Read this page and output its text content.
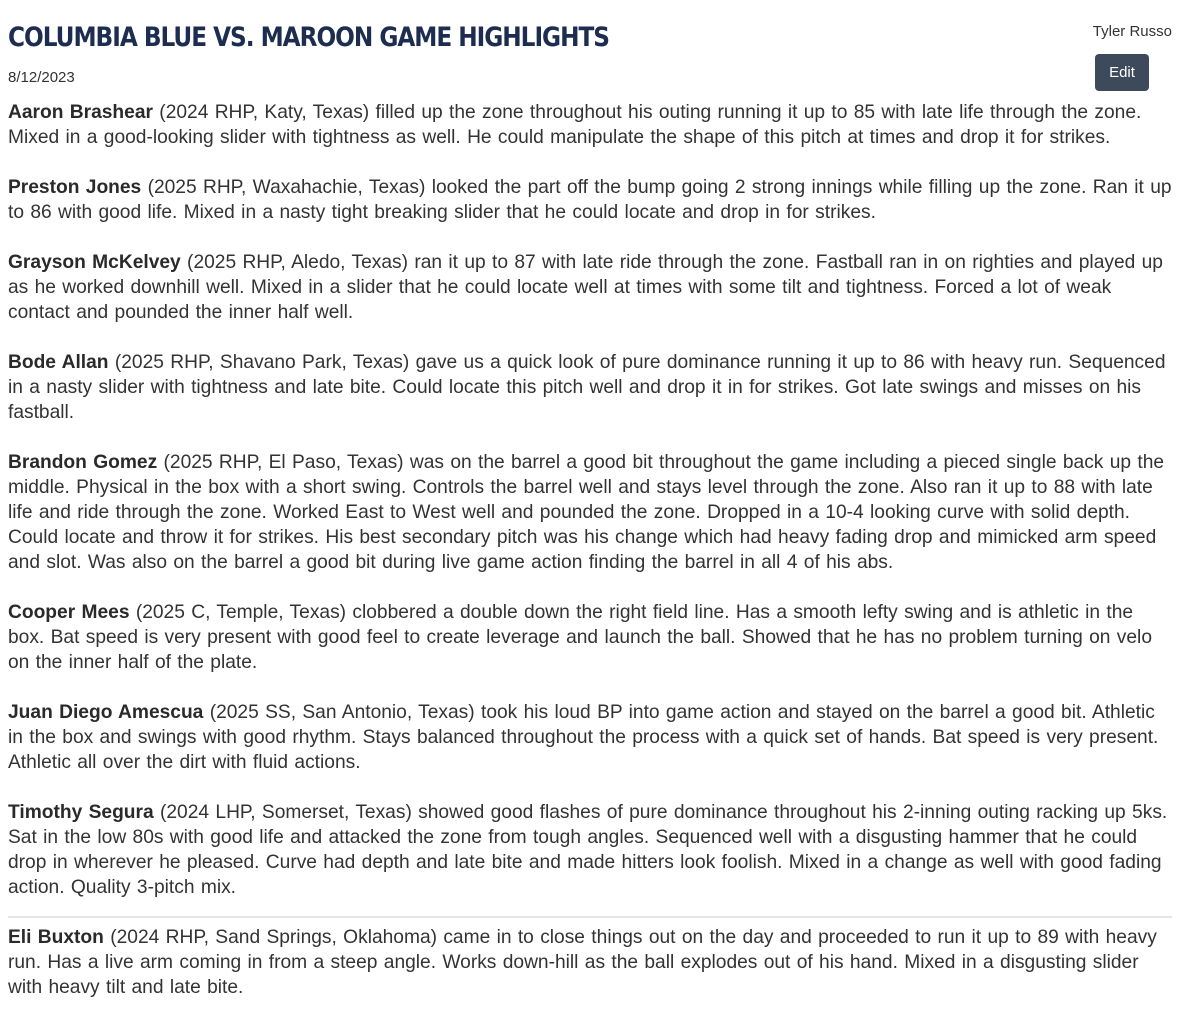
COLUMBIA BLUE VS. MAROON GAME HIGHLIGHTS
8/12/2023
Tyler Russo
Edit

Aaron Brashear (2024 RHP, Katy, Texas) filled up the zone throughout his outing running it up to 85 with late life through the zone. Mixed in a good-looking slider with tightness as well. He could manipulate the shape of this pitch at times and drop it for strikes.

Preston Jones (2025 RHP, Waxahachie, Texas) looked the part off the bump going 2 strong innings while filling up the zone. Ran it up to 86 with good life. Mixed in a nasty tight breaking slider that he could locate and drop in for strikes.

Grayson McKelvey (2025 RHP, Aledo, Texas) ran it up to 87 with late ride through the zone. Fastball ran in on righties and played up as he worked downhill well. Mixed in a slider that he could locate well at times with some tilt and tightness. Forced a lot of weak contact and pounded the inner half well.

Bode Allan (2025 RHP, Shavano Park, Texas) gave us a quick look of pure dominance running it up to 86 with heavy run. Sequenced in a nasty slider with tightness and late bite. Could locate this pitch well and drop it in for strikes. Got late swings and misses on his fastball.

Brandon Gomez (2025 RHP, El Paso, Texas) was on the barrel a good bit throughout the game including a pieced single back up the middle. Physical in the box with a short swing. Controls the barrel well and stays level through the zone. Also ran it up to 88 with late life and ride through the zone. Worked East to West well and pounded the zone. Dropped in a 10-4 looking curve with solid depth. Could locate and throw it for strikes. His best secondary pitch was his change which had heavy fading drop and mimicked arm speed and slot. Was also on the barrel a good bit during live game action finding the barrel in all 4 of his abs.

Cooper Mees (2025 C, Temple, Texas) clobbered a double down the right field line. Has a smooth lefty swing and is athletic in the box. Bat speed is very present with good feel to create leverage and launch the ball. Showed that he has no problem turning on velo on the inner half of the plate.

Juan Diego Amescua (2025 SS, San Antonio, Texas) took his loud BP into game action and stayed on the barrel a good bit. Athletic in the box and swings with good rhythm. Stays balanced throughout the process with a quick set of hands. Bat speed is very present. Athletic all over the dirt with fluid actions.

Timothy Segura (2024 LHP, Somerset, Texas) showed good flashes of pure dominance throughout his 2-inning outing racking up 5ks. Sat in the low 80s with good life and attacked the zone from tough angles. Sequenced well with a disgusting hammer that he could drop in wherever he pleased. Curve had depth and late bite and made hitters look foolish. Mixed in a change as well with good fading action. Quality 3-pitch mix.

Eli Buxton (2024 RHP, Sand Springs, Oklahoma) came in to close things out on the day and proceeded to run it up to 89 with heavy run. Has a live arm coming in from a steep angle. Works down-hill as the ball explodes out of his hand. Mixed in a disgusting slider with heavy tilt and late bite.
